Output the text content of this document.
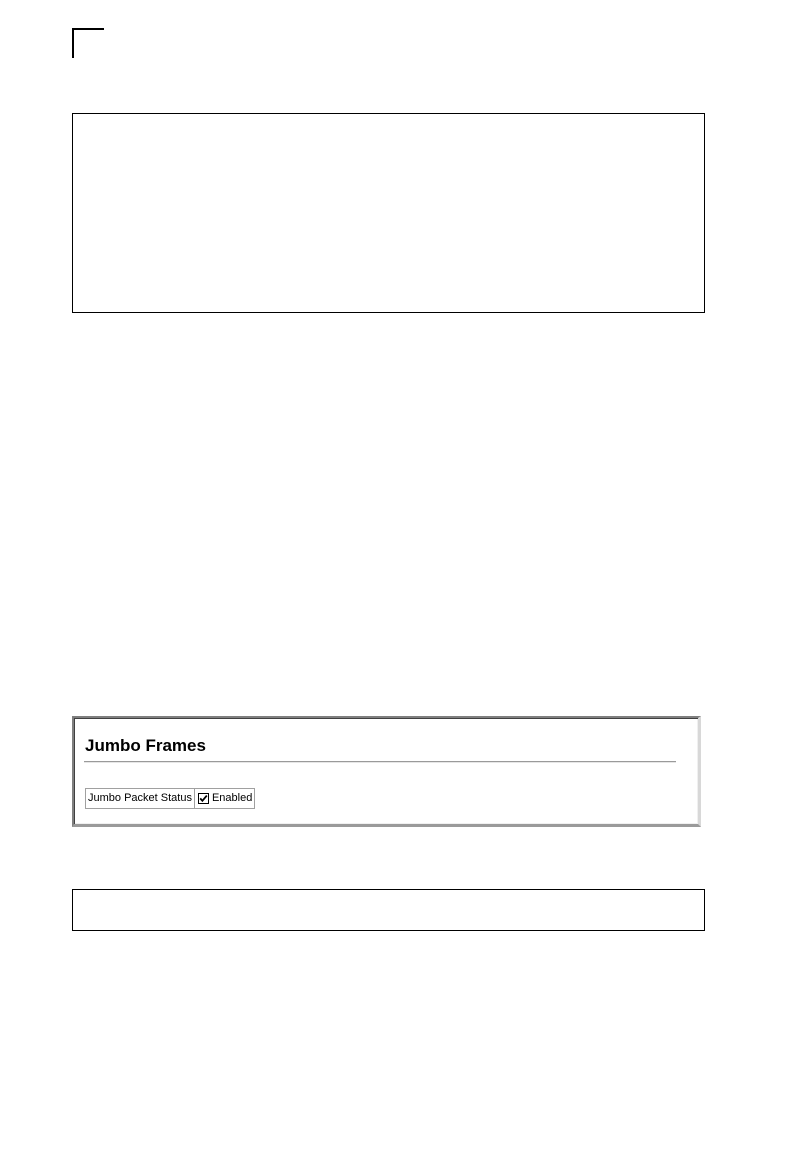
Jumbo Frames
Jumbo Packet Status Enabled
